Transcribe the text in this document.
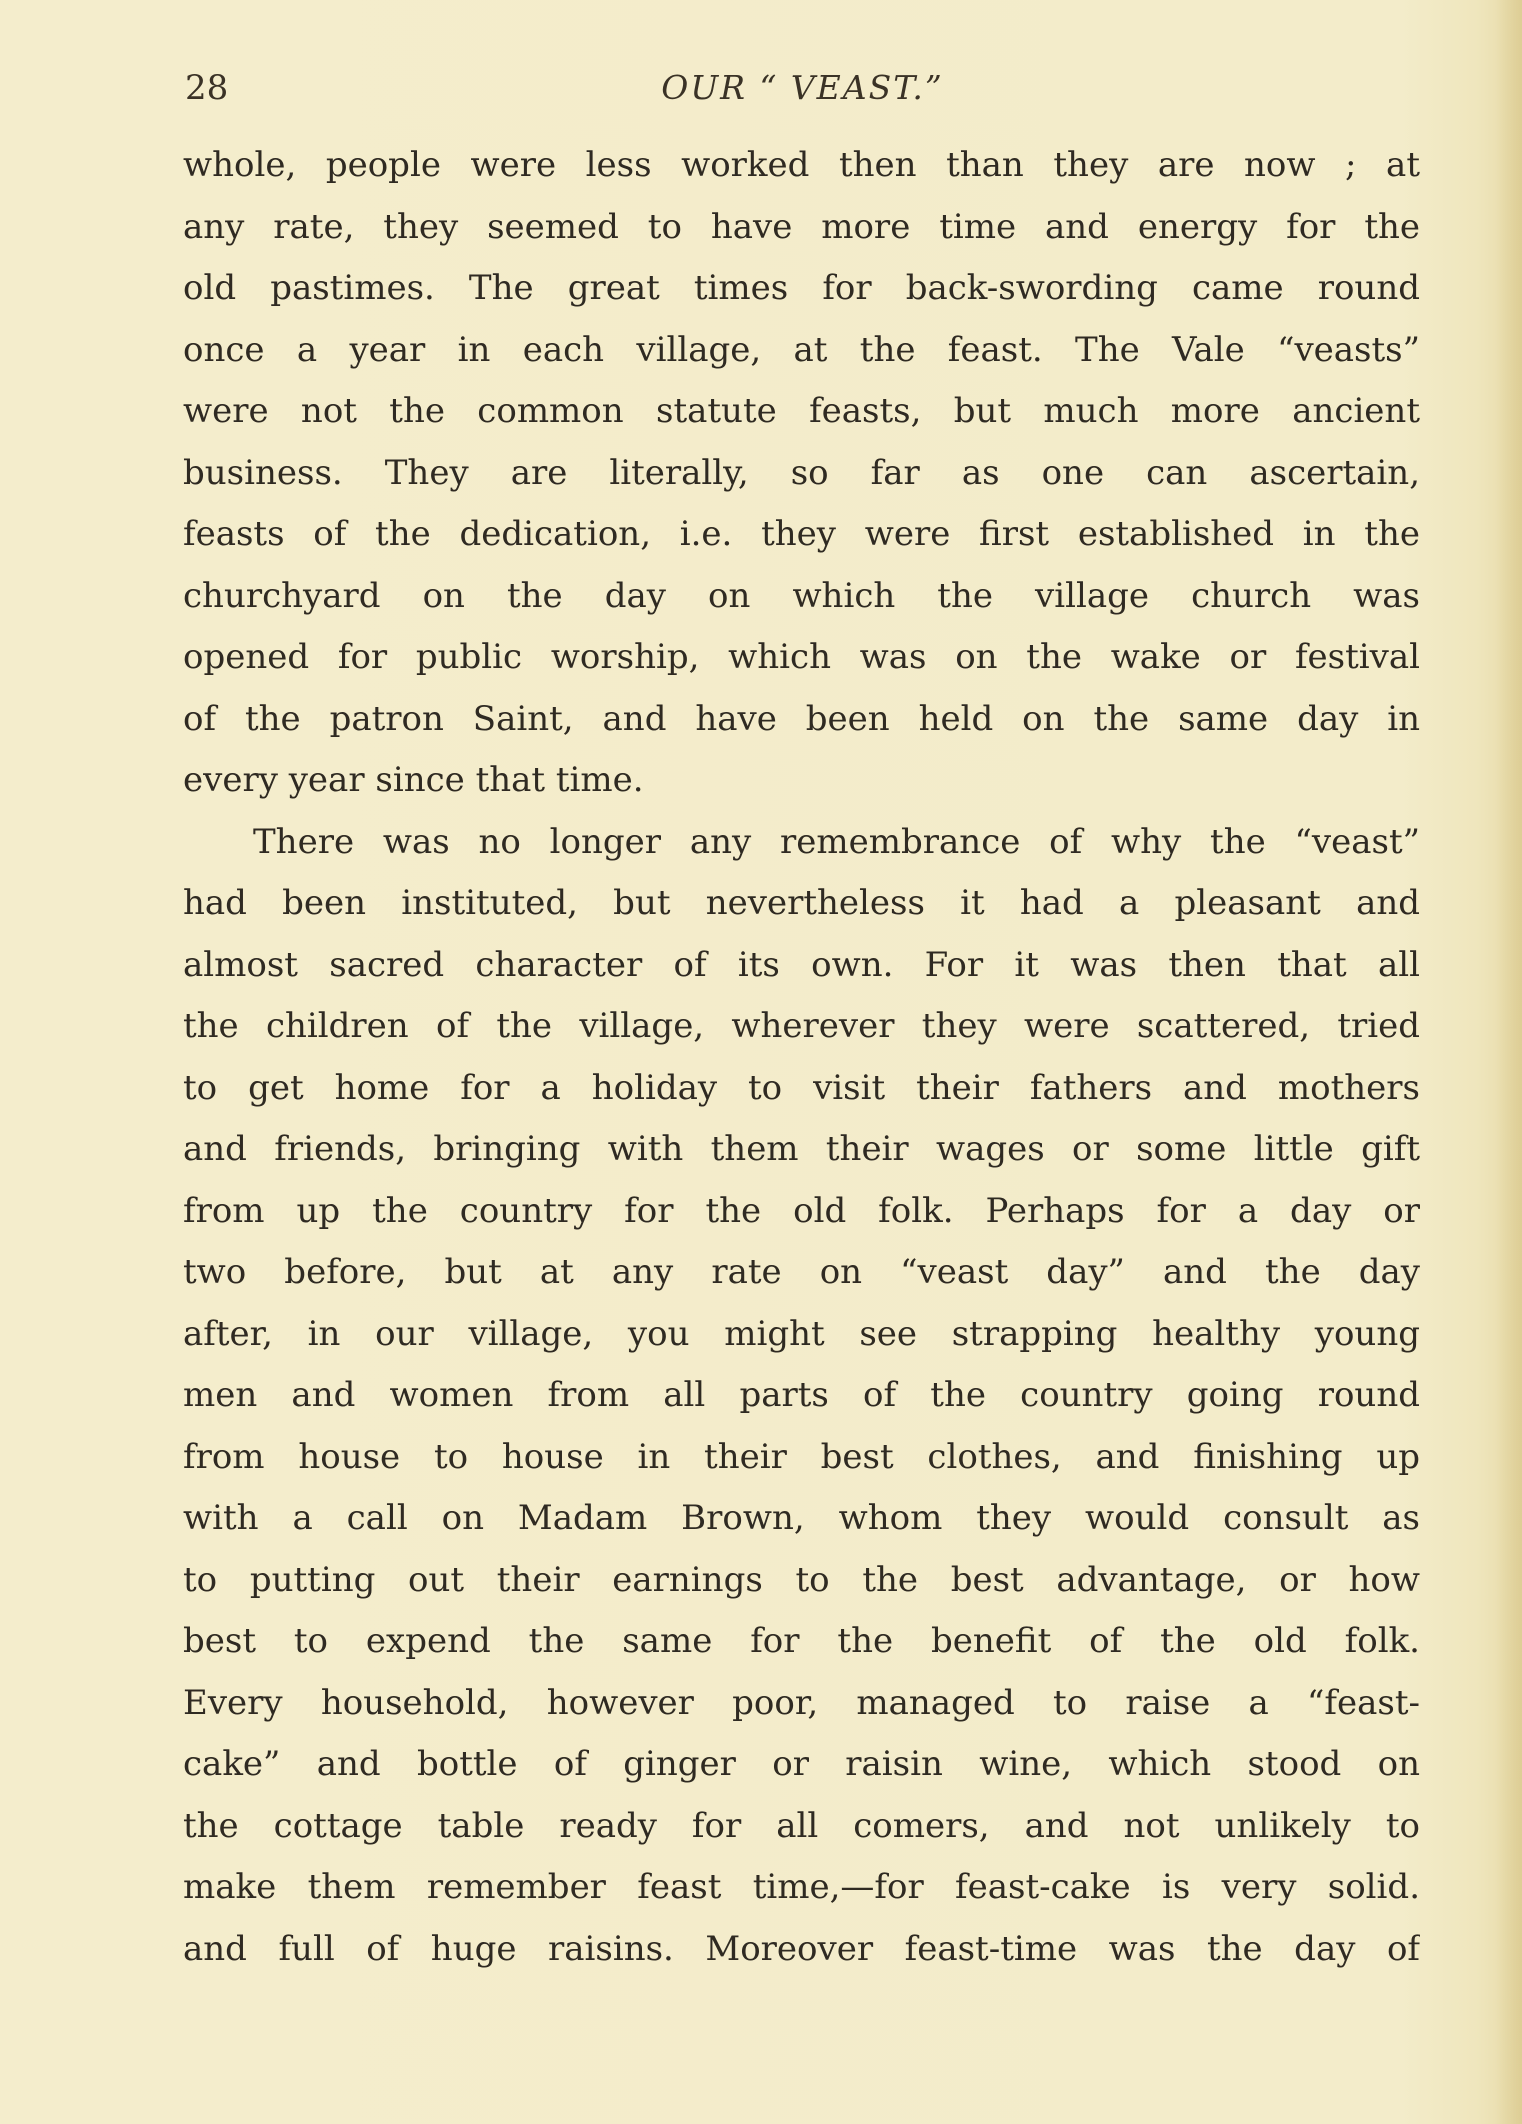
28	OUR “ VEAST.”
whole, people were less worked then than they are now ; at
any rate, they seemed to have more time and energy for the
old pastimes. The great times for back-swording came round
once a year in each village, at the feast. The Vale “veasts”
were not the common statute feasts, but much more ancient
business. They are literally, so far as one can ascertain,
feasts of the dedication, i.e. they were first established in the
churchyard on the day on which the village church was
opened for public worship, which was on the wake or festival
of the patron Saint, and have been held on the same day in
every year since that time.
There was no longer any remembrance of why the “veast”
had been instituted, but nevertheless it had a pleasant and
almost sacred character of its own. For it was then that all
the children of the village, wherever they were scattered, tried
to get home for a holiday to visit their fathers and mothers
and friends, bringing with them their wages or some little gift
from up the country for the old folk. Perhaps for a day or
two before, but at any rate on “veast day” and the day
after, in our village, you might see strapping healthy young
men and women from all parts of the country going round
from house to house in their best clothes, and finishing up
with a call on Madam Brown, whom they would consult as
to putting out their earnings to the best advantage, or how
best to expend the same for the benefit of the old folk.
Every household, however poor, managed to raise a “feast-
cake” and bottle of ginger or raisin wine, which stood on
the cottage table ready for all comers, and not unlikely to
make them remember feast time,—for feast-cake is very solid.
and full of huge raisins. Moreover feast-time was the day of
